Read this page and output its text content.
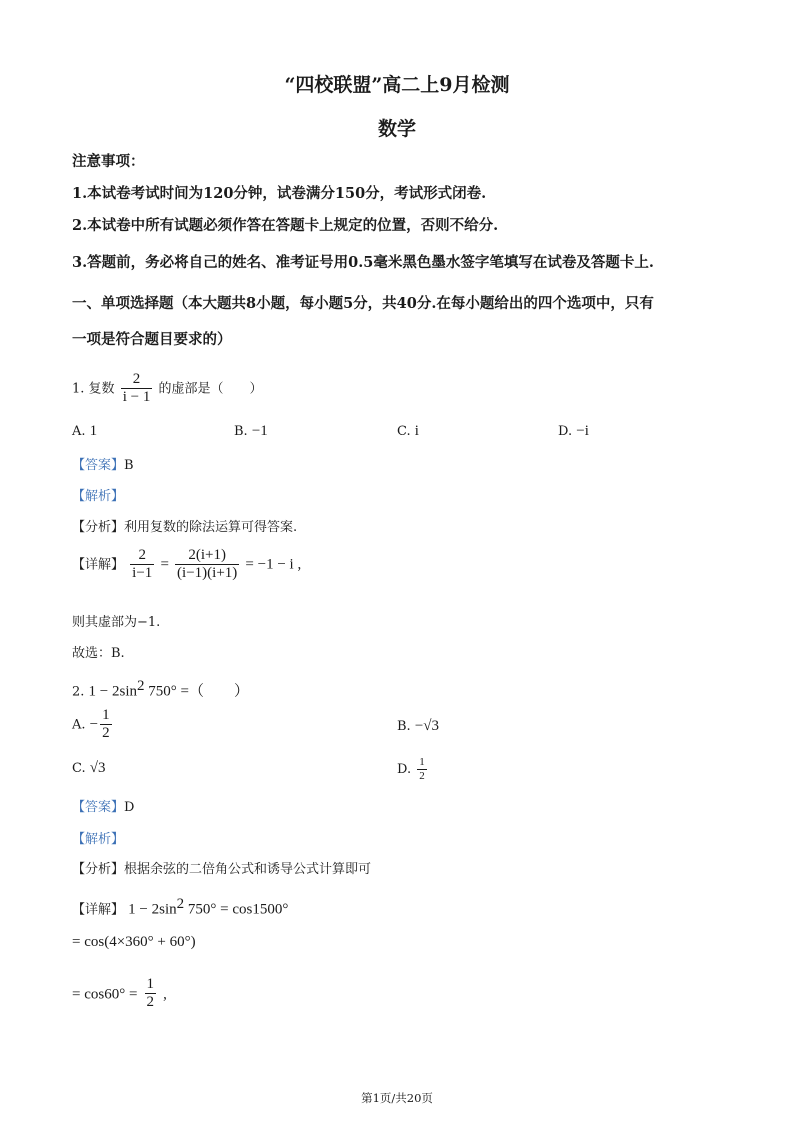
“四校联盟”高二上9月检测
数学
注意事项：
1.本试卷考试时间为120分钟，试卷满分150分，考试形式闭卷.
2.本试卷中所有试题必须作答在答题卡上规定的位置，否则不给分.
3.答题前，务必将自己的姓名、准考证号用0.5毫米黑色墨水签字笔填写在试卷及答题卡上.
一、单项选择题（本大题共8小题，每小题5分，共40分.在每小题给出的四个选项中，只有
一项是符合题目要求的）
1. 复数 $\frac{2}{i - 1}$ 的虚部是（　　）
A. 1	B. −1	C. i	D. −i
【答案】B
【解析】
【分析】利用复数的除法运算可得答案.
【详解】 $\frac{2}{i-1} = \frac{2(i+1)}{(i-1)(i+1)} = -1 - i$ ,
则其虚部为−1.
故选：B.
2. $1 - 2\sin^2$ 750° =（　　）
A. − $\frac{1}{2}$	B. −√3
C. √3	D. $\frac{1}{2}$
【答案】D
【解析】
【分析】根据余弦的二倍角公式和诱导公式计算即可
【详解】 $1 - 2\sin^2$ 750° = cos1500°
= cos(4×360° + 60°)
= $\cos 60^\circ = \frac{1}{2}$ ,
第1页/共20页
